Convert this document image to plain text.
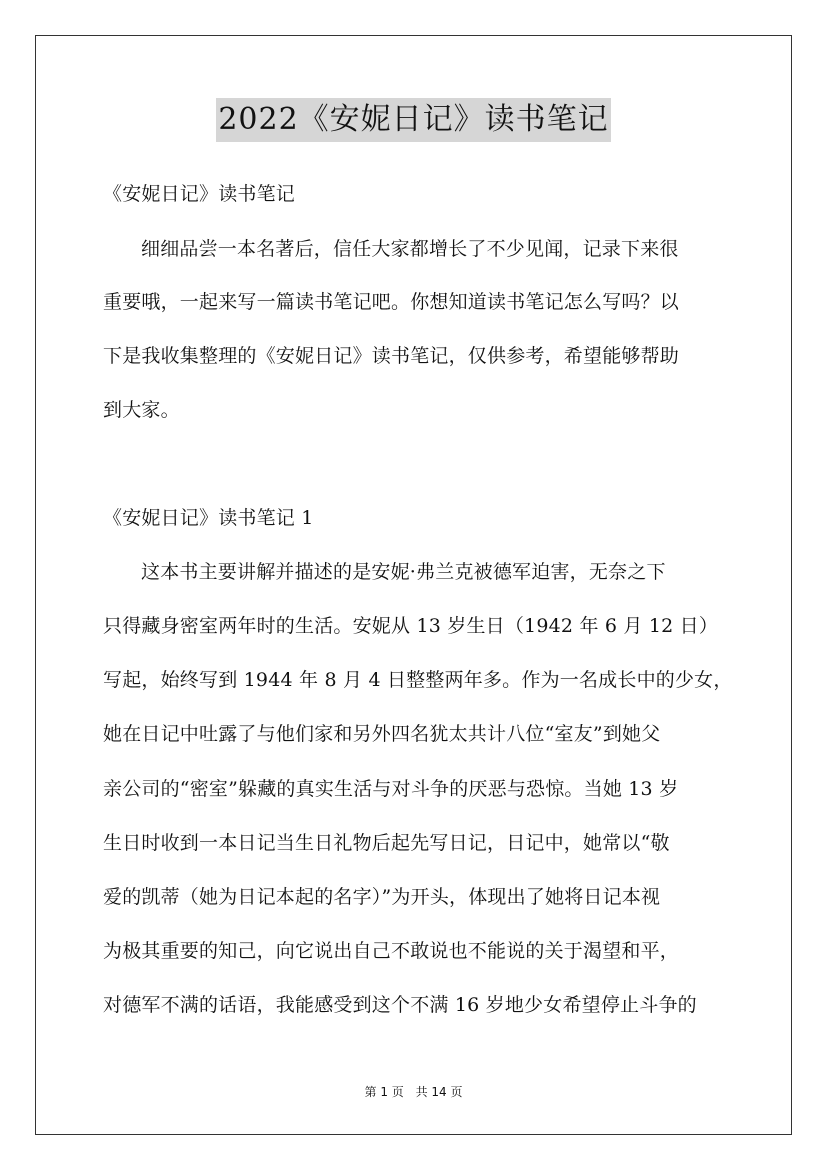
2022《安妮日记》读书笔记
《安妮日记》读书笔记
细细品尝一本名著后，信任大家都增长了不少见闻，记录下来很
重要哦，一起来写一篇读书笔记吧。你想知道读书笔记怎么写吗？以
下是我收集整理的《安妮日记》读书笔记，仅供参考，希望能够帮助
到大家。
《安妮日记》读书笔记 1
这本书主要讲解并描述的是安妮·弗兰克被德军迫害，无奈之下
只得藏身密室两年时的生活。安妮从 13 岁生日（1942 年 6 月 12 日）
写起，始终写到 1944 年 8 月 4 日整整两年多。作为一名成长中的少女，
她在日记中吐露了与他们家和另外四名犹太共计八位“室友”到她父
亲公司的“密室”躲藏的真实生活与对斗争的厌恶与恐惊。当她 13 岁
生日时收到一本日记当生日礼物后起先写日记，日记中，她常以“敬
爱的凯蒂（她为日记本起的名字）”为开头，体现出了她将日记本视
为极其重要的知己，向它说出自己不敢说也不能说的关于渴望和平，
对德军不满的话语，我能感受到这个不满 16 岁地少女希望停止斗争的
第 1 页 共 14 页
